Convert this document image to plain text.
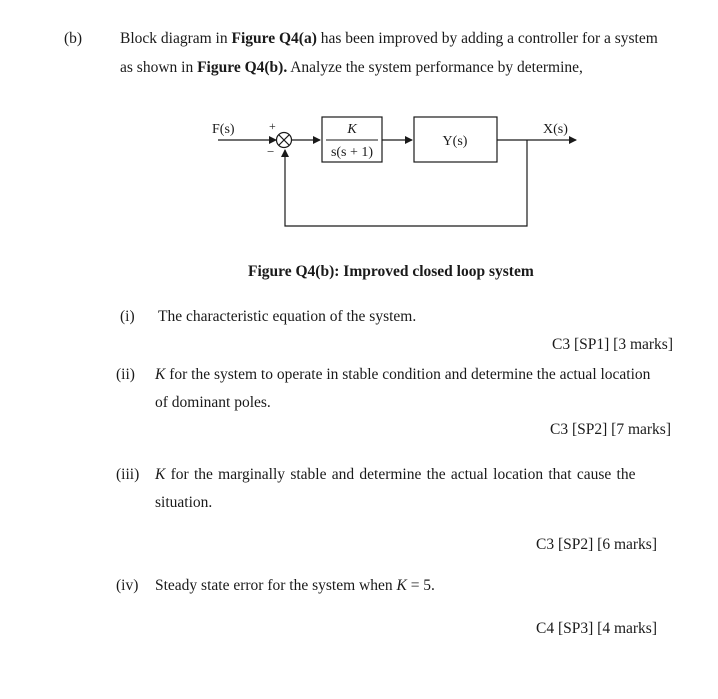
(b) Block diagram in Figure Q4(a) has been improved by adding a controller for a system
as shown in Figure Q4(b). Analyze the system performance by determine,
+
−
K
s(s + 1)
Y(s)
F(s)	X(s)
Figure Q4(b): Improved closed loop system
(i) The characteristic equation of the system.
C3 [SP1] [3 marks]
(ii) K for the system to operate in stable condition and determine the actual location
of dominant poles.
C3 [SP2] [7 marks]
(iii) K for the marginally stable and determine the actual location that cause the
situation.
C3 [SP2] [6 marks]
(iv) Steady state error for the system when K = 5.
C4 [SP3] [4 marks]
